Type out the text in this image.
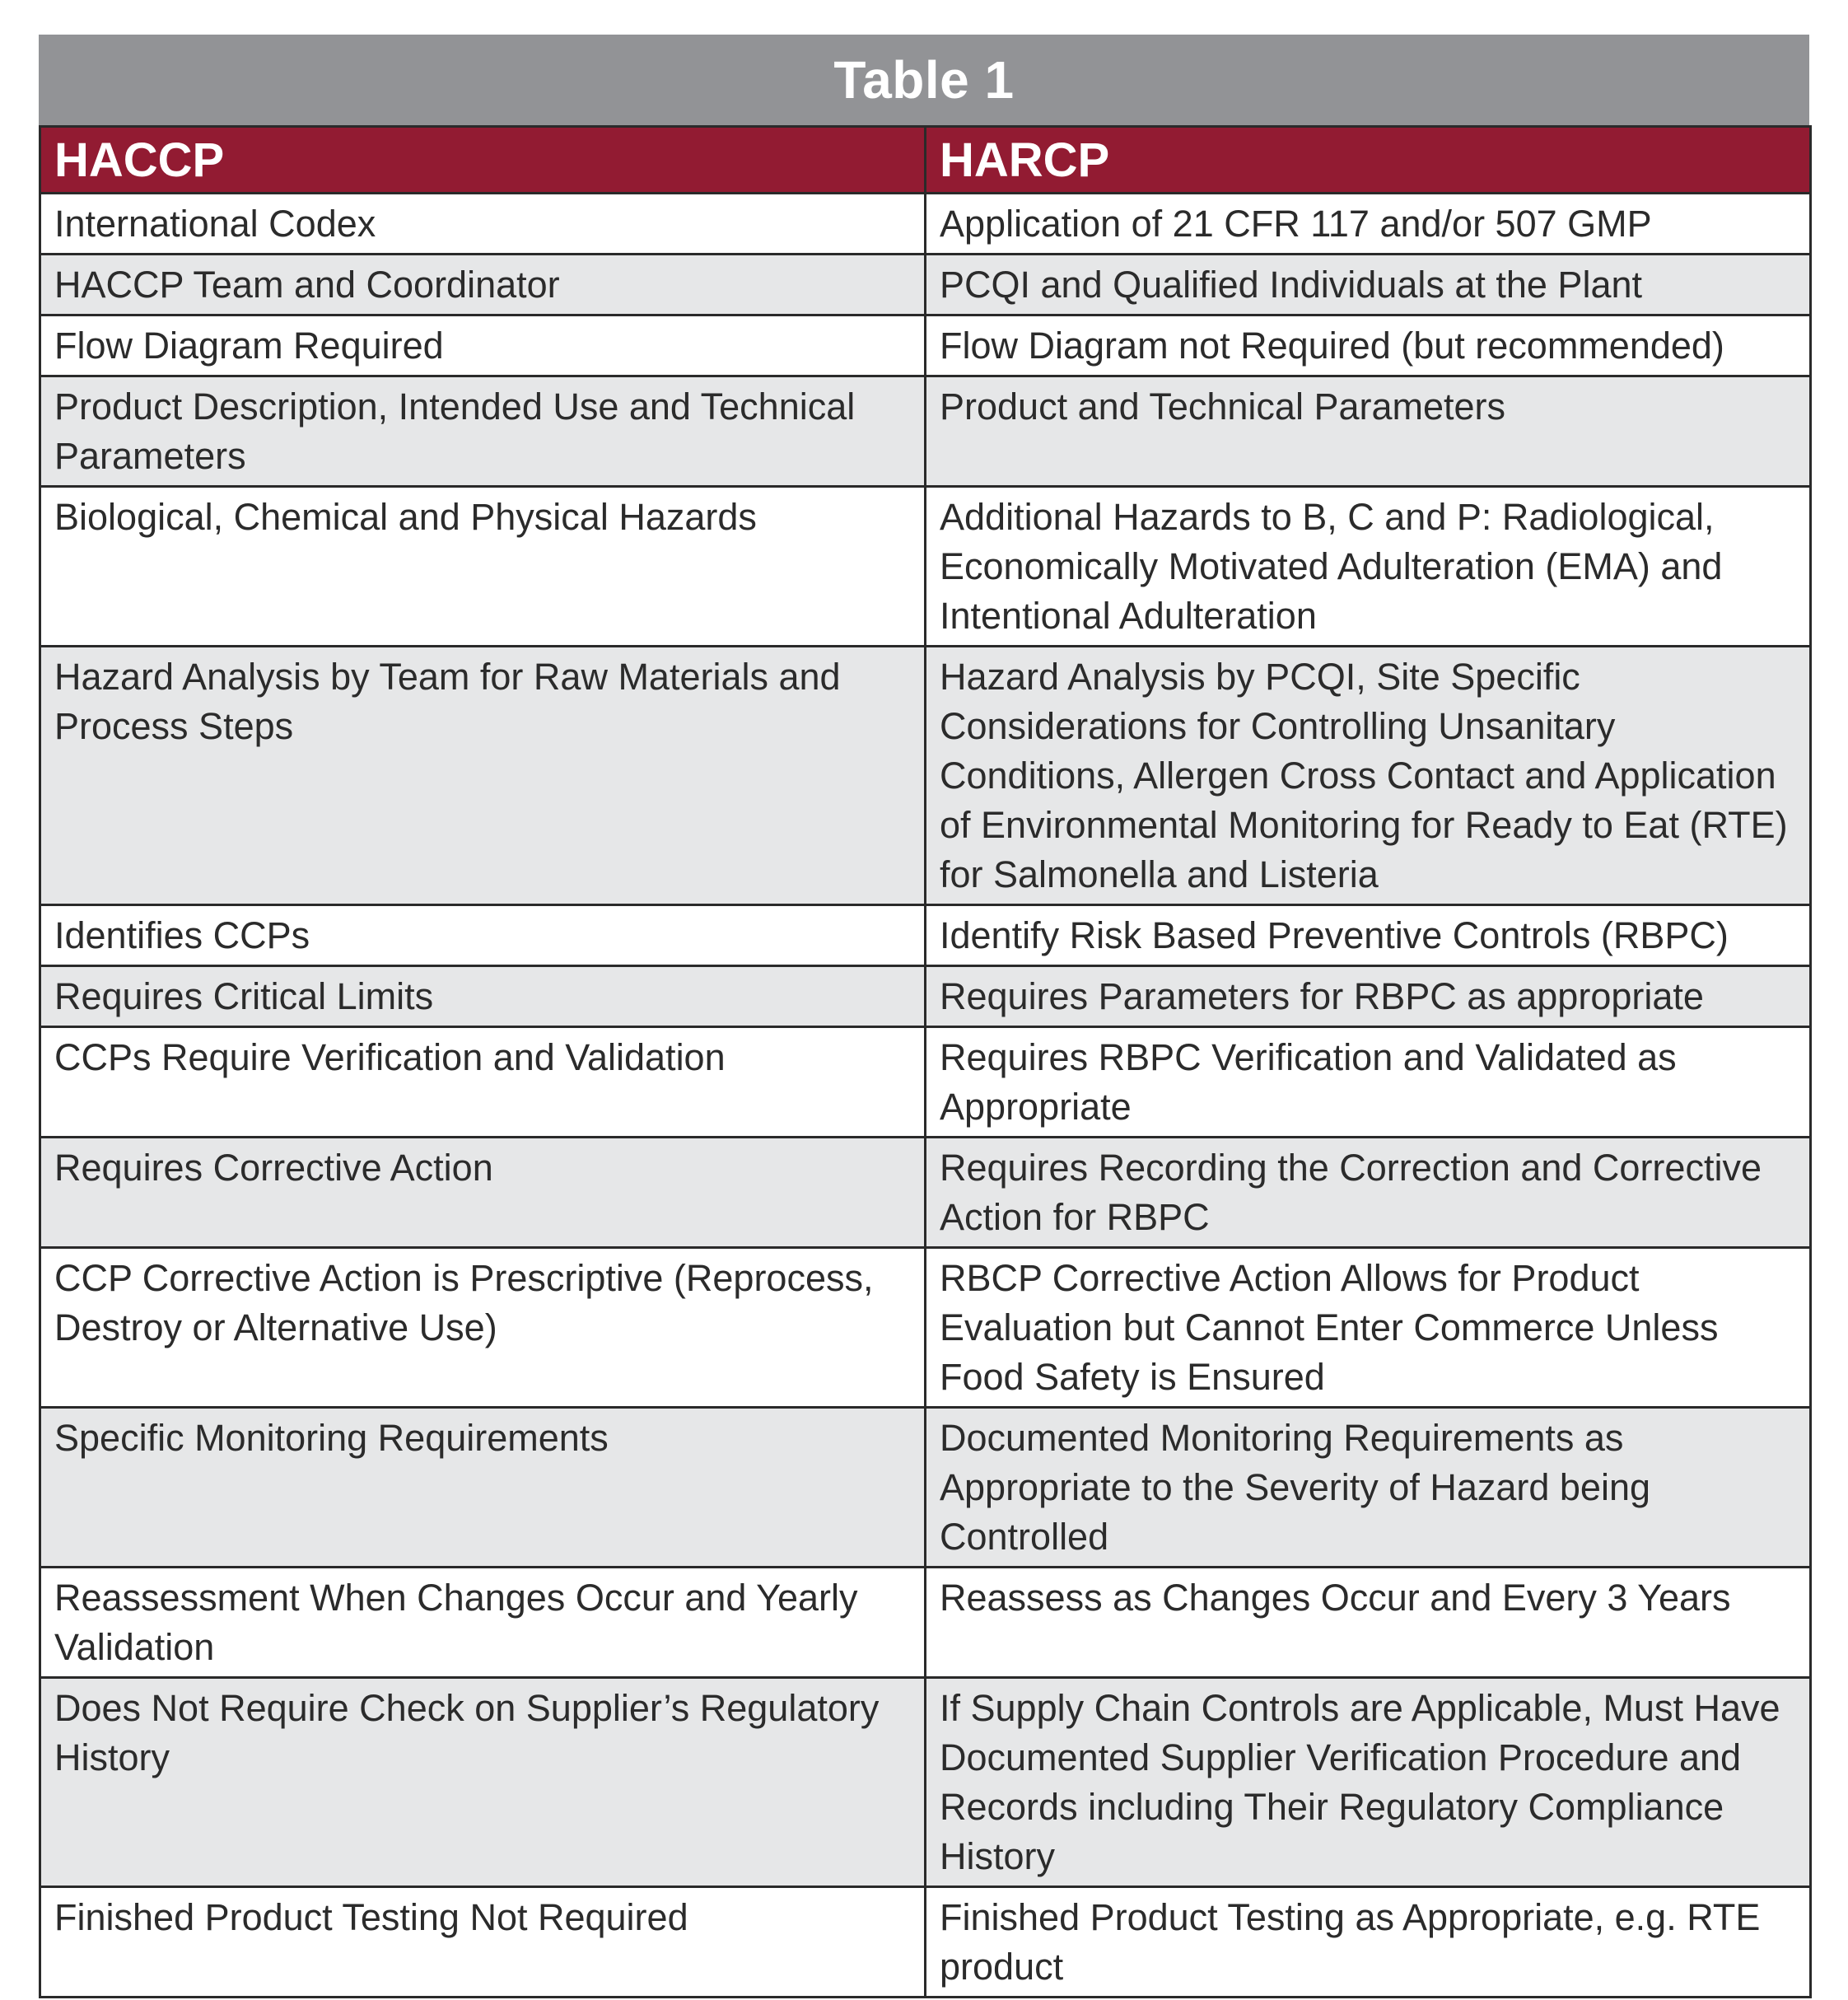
Table 1
HACCP	HARCP
International Codex	Application of 21 CFR 117 and/or 507 GMP
HACCP Team and Coordinator	PCQI and Qualified Individuals at the Plant
Flow Diagram Required	Flow Diagram not Required (but recommended)
Product Description, Intended Use and Technical Parameters	Product and Technical Parameters
Biological, Chemical and Physical Hazards	Additional Hazards to B, C and P: Radiological, Economically Motivated Adulteration (EMA) and Intentional Adulteration
Hazard Analysis by Team for Raw Materials and Process Steps	Hazard Analysis by PCQI, Site Specific Considerations for Controlling Unsanitary Conditions, Allergen Cross Contact and Application of Environmental Monitoring for Ready to Eat (RTE) for Salmonella and Listeria
Identifies CCPs	Identify Risk Based Preventive Controls (RBPC)
Requires Critical Limits	Requires Parameters for RBPC as appropriate
CCPs Require Verification and Validation	Requires RBPC Verification and Validated as Appropriate
Requires Corrective Action	Requires Recording the Correction and Corrective Action for RBPC
CCP Corrective Action is Prescriptive (Reprocess, Destroy or Alternative Use)	RBCP Corrective Action Allows for Product Evaluation but Cannot Enter Commerce Unless Food Safety is Ensured
Specific Monitoring Requirements	Documented Monitoring Requirements as Appropriate to the Severity of Hazard being Controlled
Reassessment When Changes Occur and Yearly Validation	Reassess as Changes Occur and Every 3 Years
Does Not Require Check on Supplier’s Regulatory History	If Supply Chain Controls are Applicable, Must Have Documented Supplier Verification Procedure and Records including Their Regulatory Compliance History
Finished Product Testing Not Required	Finished Product Testing as Appropriate, e.g. RTE product
